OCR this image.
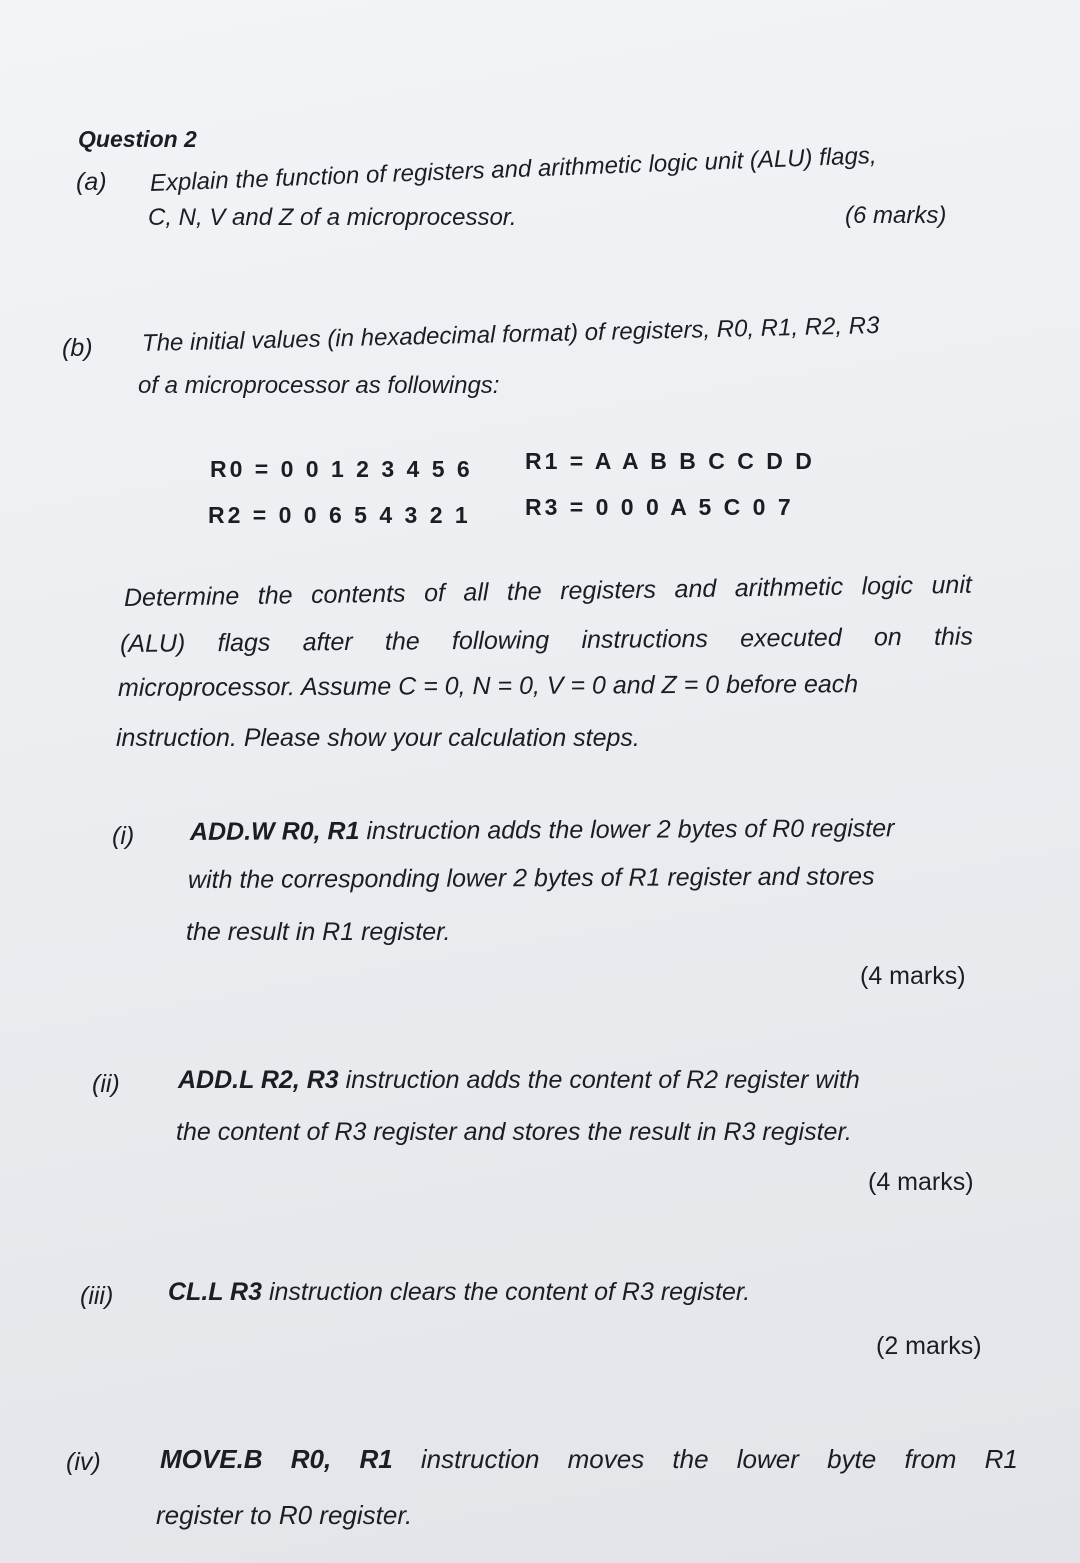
Question 2
(a) Explain the function of registers and arithmetic logic unit (ALU) flags,
C, N, V and Z of a microprocessor.	(6 marks)
(b) The initial values (in hexadecimal format) of registers, R0, R1, R2, R3
of a microprocessor as followings:
R0 = 0 0 1 2 3 4 5 6 R1 = A A B B C C D D
R2 = 0 0 6 5 4 3 2 1 R3 = 0 0 0 A 5 C 0 7
Determine the contents of all the registers and arithmetic logic unit
(ALU) flags after the following instructions executed on this
microprocessor. Assume C = 0, N = 0, V = 0 and Z = 0 before each
instruction. Please show your calculation steps.
(i) ADD.W R0, R1 instruction adds the lower 2 bytes of R0 register
with the corresponding lower 2 bytes of R1 register and stores
the result in R1 register.
(4 marks)
(ii) ADD.L R2, R3 instruction adds the content of R2 register with
the content of R3 register and stores the result in R3 register.
(4 marks)
(iii) CL.L R3 instruction clears the content of R3 register.
(2 marks)
(iv) MOVE.B R0, R1 instruction moves the lower byte from R1
register to R0 register.
